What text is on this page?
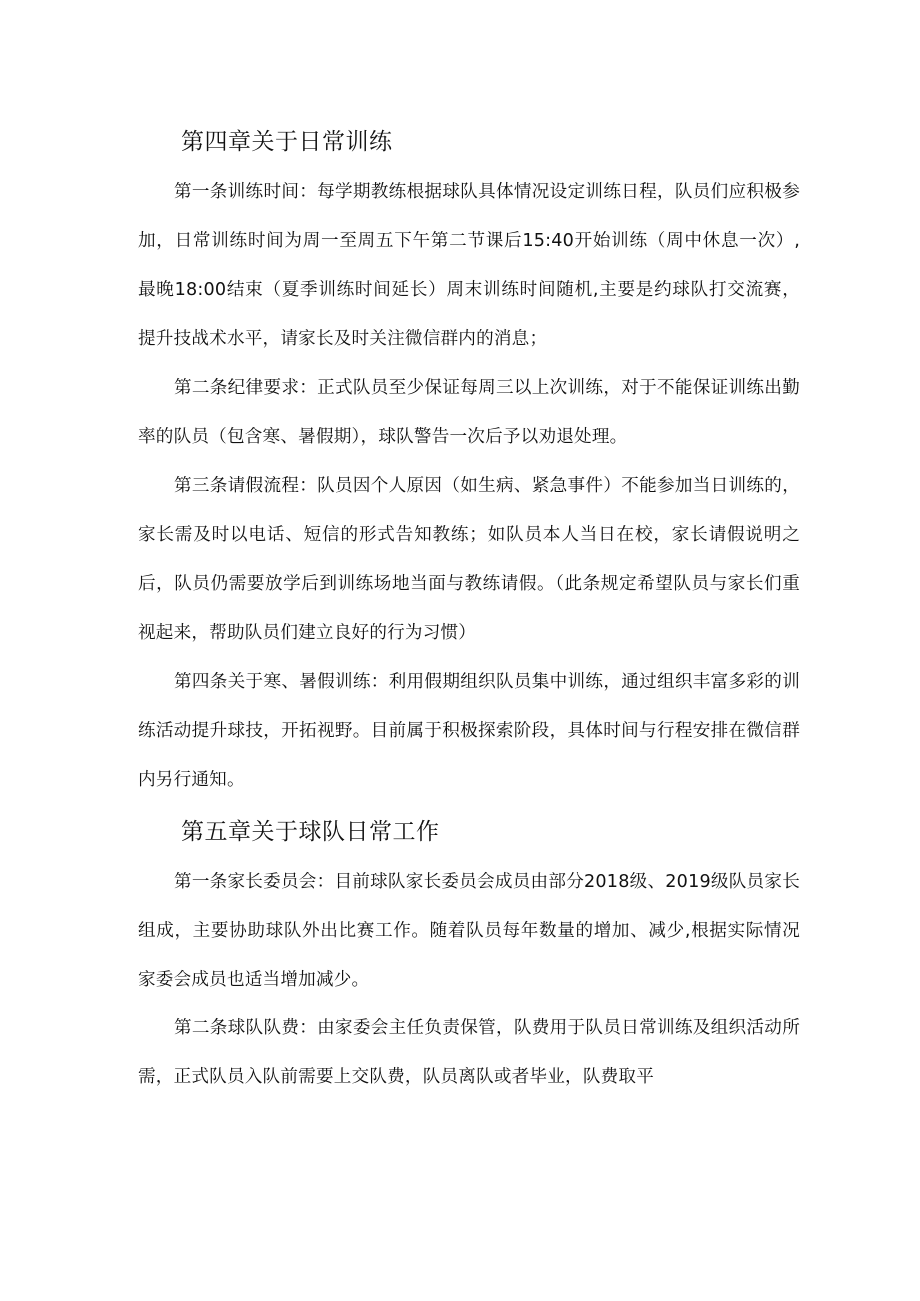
第四章关于日常训练

第一条训练时间：每学期教练根据球队具体情况设定训练日程，队员们应积极参加，日常训练时间为周一至周五下午第二节课后15:40开始训练（周中休息一次）,最晚18:00结束（夏季训练时间延长）周末训练时间随机,主要是约球队打交流赛，提升技战术水平，请家长及时关注微信群内的消息；

第二条纪律要求：正式队员至少保证每周三以上次训练，对于不能保证训练出勤率的队员（包含寒、暑假期），球队警告一次后予以劝退处理。

第三条请假流程：队员因个人原因（如生病、紧急事件）不能参加当日训练的，家长需及时以电话、短信的形式告知教练；如队员本人当日在校，家长请假说明之后，队员仍需要放学后到训练场地当面与教练请假。（此条规定希望队员与家长们重视起来，帮助队员们建立良好的行为习惯）

第四条关于寒、暑假训练：利用假期组织队员集中训练，通过组织丰富多彩的训练活动提升球技，开拓视野。目前属于积极探索阶段，具体时间与行程安排在微信群内另行通知。

第五章关于球队日常工作

第一条家长委员会：目前球队家长委员会成员由部分2018级、2019级队员家长组成，主要协助球队外出比赛工作。随着队员每年数量的增加、减少,根据实际情况家委会成员也适当增加减少。

第二条球队队费：由家委会主任负责保管，队费用于队员日常训练及组织活动所需，正式队员入队前需要上交队费，队员离队或者毕业，队费取平
